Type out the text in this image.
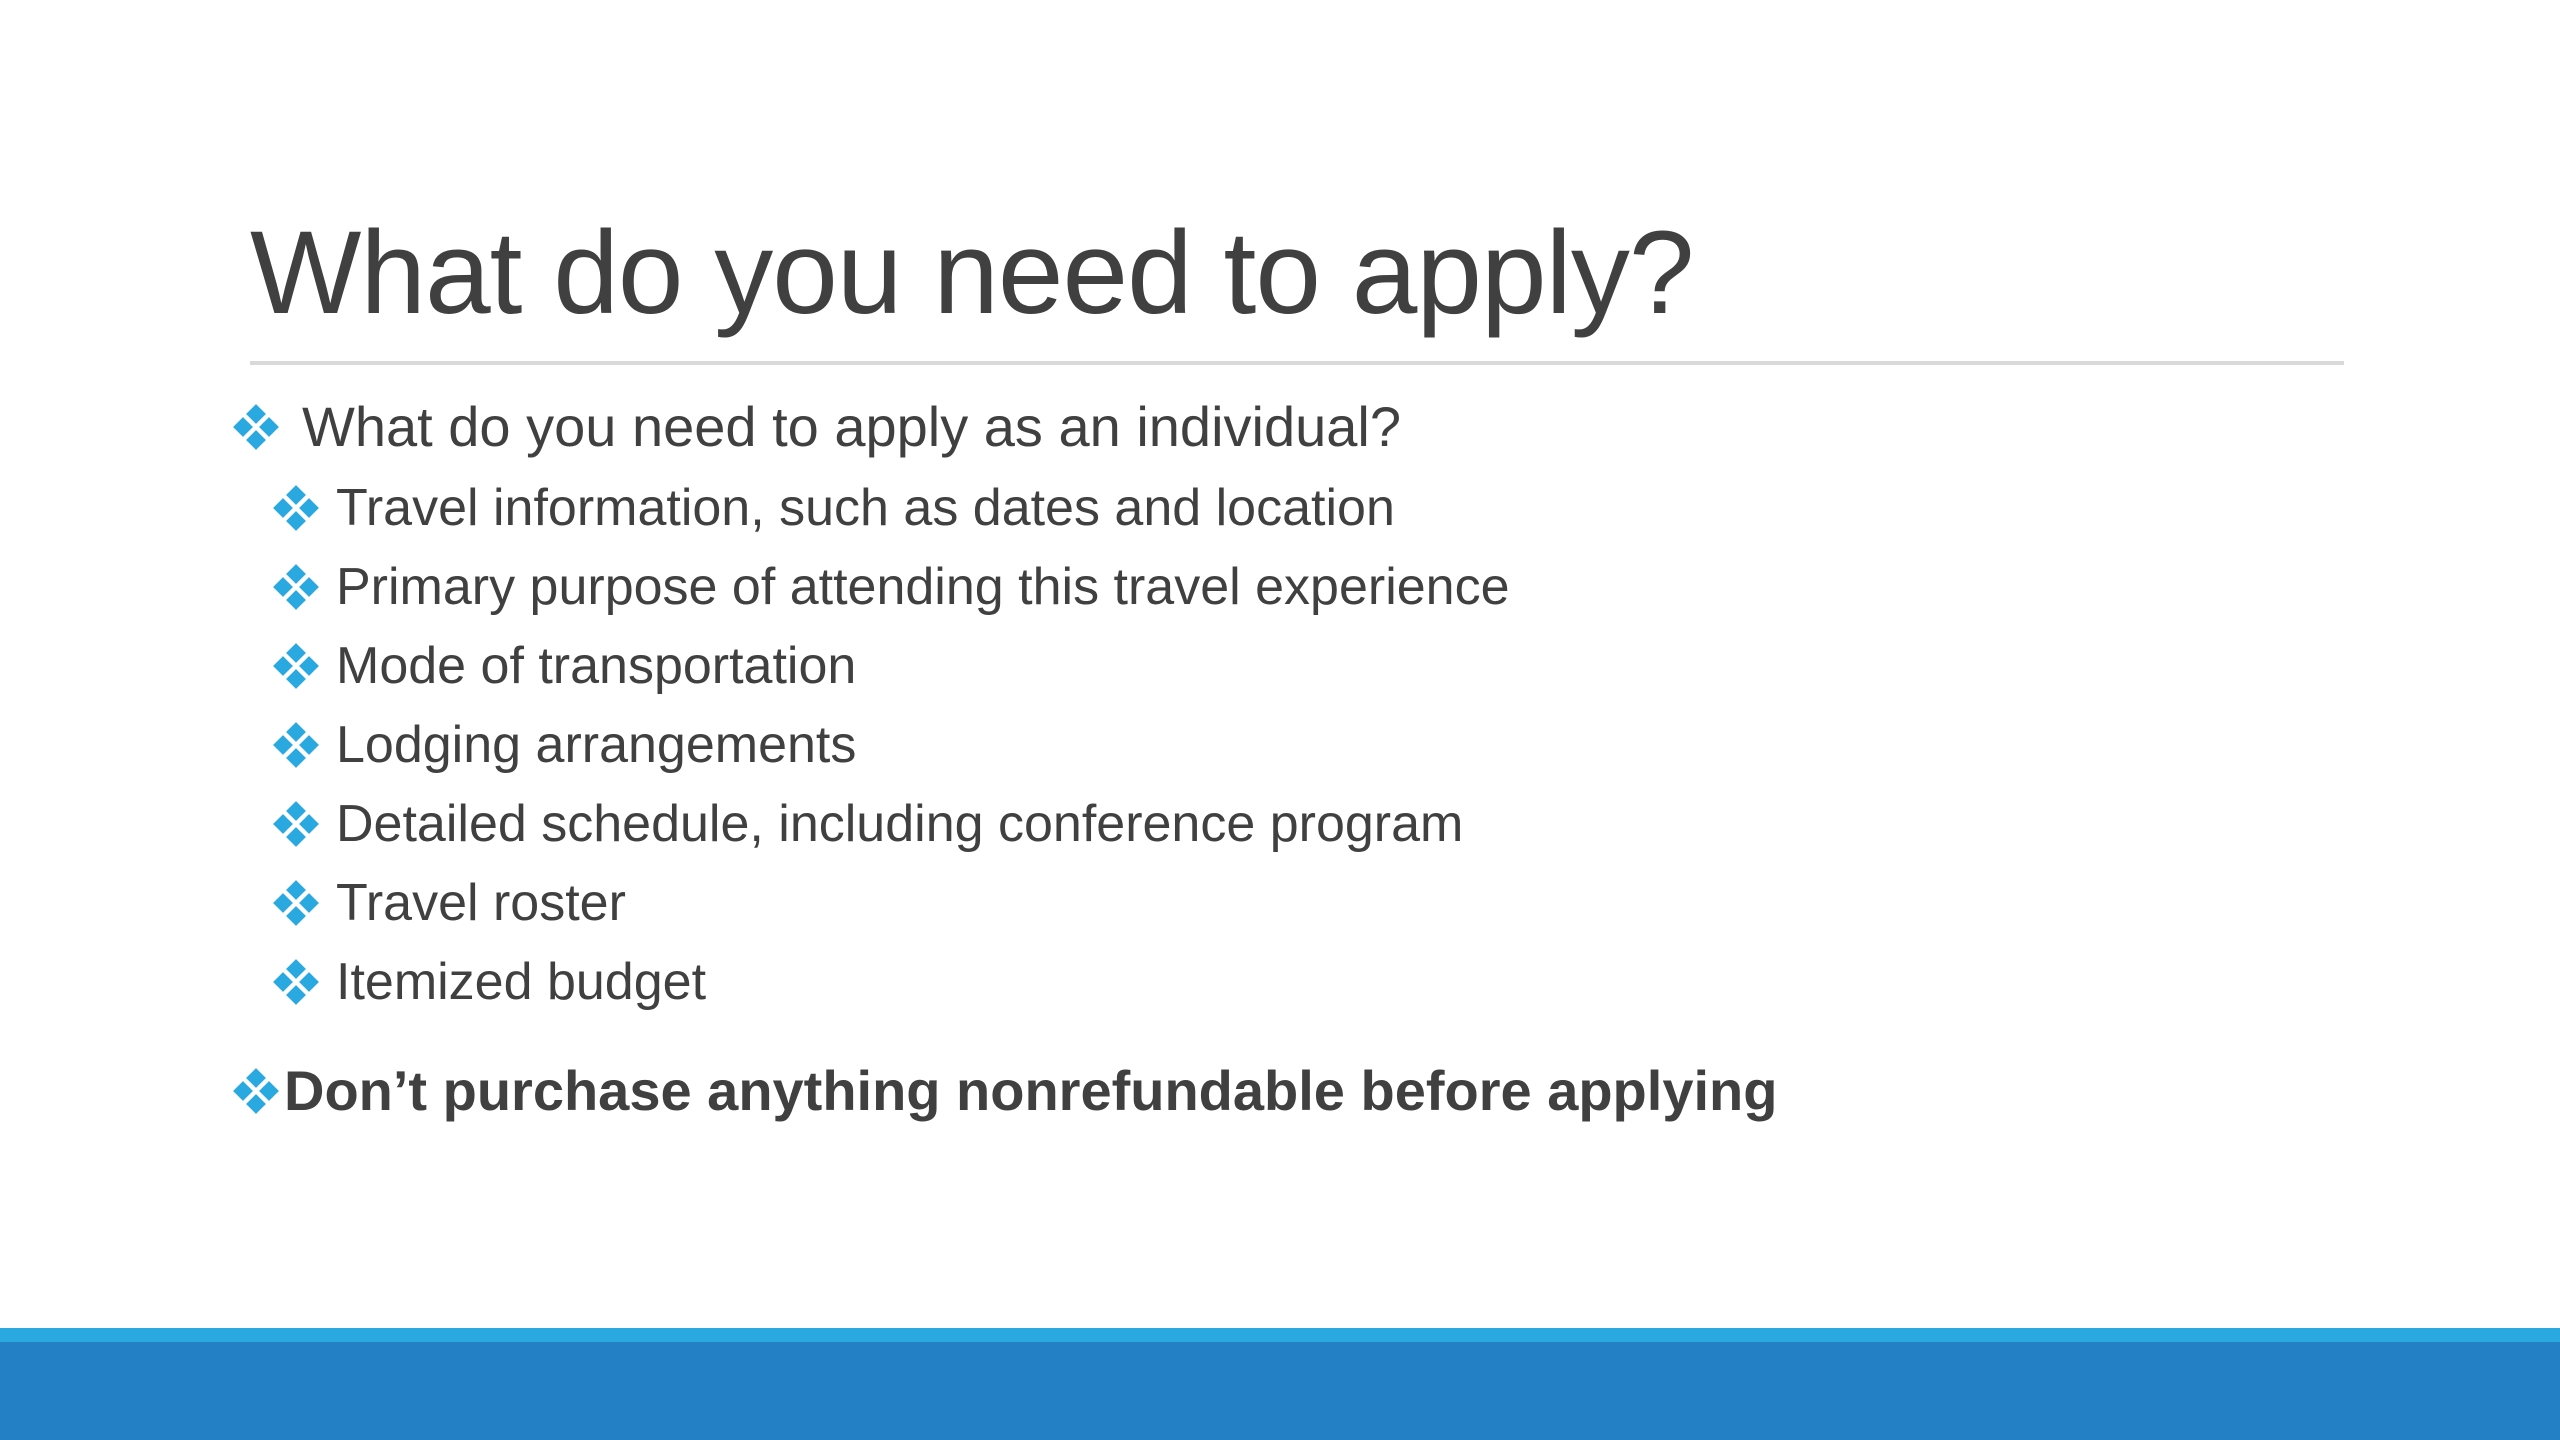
What do you need to apply?
What do you need to apply as an individual?
Travel information, such as dates and location
Primary purpose of attending this travel experience
Mode of transportation
Lodging arrangements
Detailed schedule, including conference program
Travel roster
Itemized budget
Don’t purchase anything nonrefundable before applying
